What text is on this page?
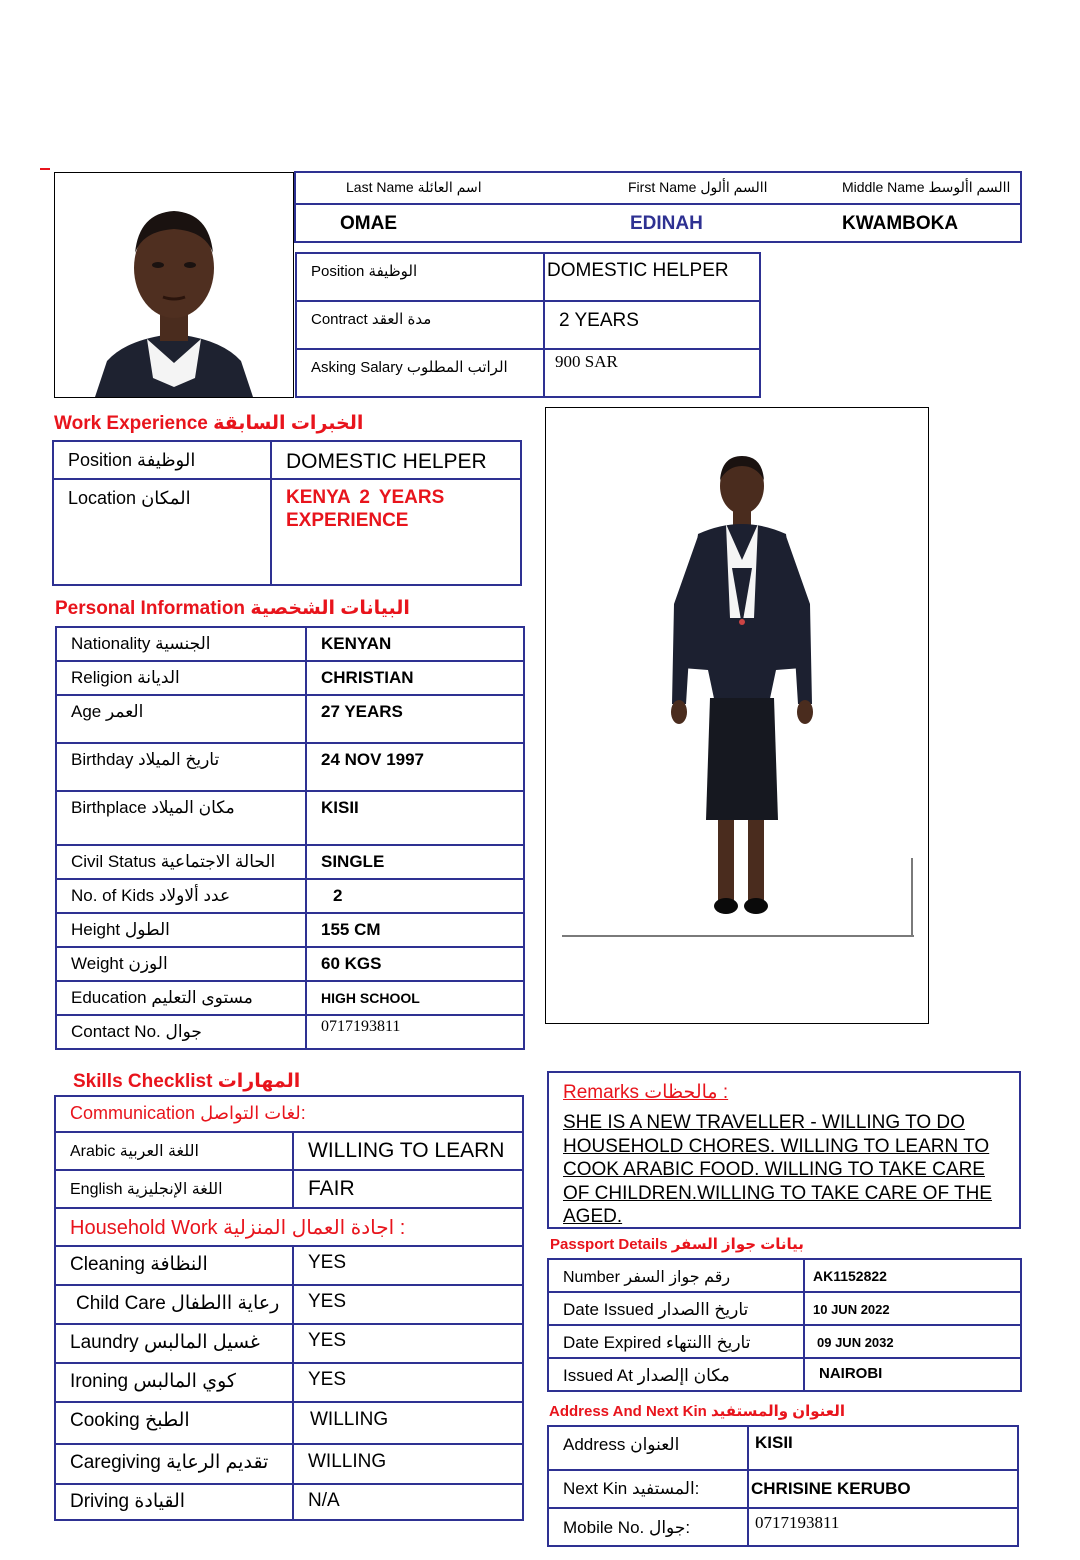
Last Name اسم العائلة	First Name االسم األول	Middle Name االسم األوسط
OMAE	EDINAH	KWAMBOKA
Position الوظيفة	DOMESTIC HELPER
Contract مدة العقد	2 YEARS
Asking Salary الراتب المطلوب	900 SAR
Work Experience الخبرات السابقة
Position الوظيفة	DOMESTIC HELPER
Location المكان	KENYA 2 YEARS EXPERIENCE
Personal Information البيانات الشخصية
Nationality الجنسية	KENYAN
Religion الديانة	CHRISTIAN
Age العمر	27 YEARS
Birthday تاريخ الميلاد	24 NOV 1997
Birthplace مكان الميلاد	KISII
Civil Status الحالة الاجتماعية	SINGLE
No. of Kids عدد ألاولاد	2
Height الطول	155 CM
Weight الوزن	60 KGS
Education مستوى التعليم	HIGH SCHOOL
Contact No. جوال	0717193811
Skills Checklist المهارات
Communication لغات التواصل:	
Arabic اللغة العربية	WILLING TO LEARN
English اللغة الإنجليزية	FAIR
Household Work اجادة العمال المنزلية :	
Cleaning النظافة	YES
Child Care رعاية االطفال	YES
Laundry غسيل المالبس	YES
Ironing كوي المالبس	YES
Cooking الطبخ	WILLING
Caregiving تقديم الرعاية	WILLING
Driving القيادة	N/A
Remarks مالحظات :
SHE IS A NEW TRAVELLER - WILLING TO DO HOUSEHOLD CHORES. WILLING TO LEARN TO COOK ARABIC FOOD. WILLING TO TAKE CARE OF CHILDREN.WILLING TO TAKE CARE OF THE AGED.
Passport Details بيانات جواز السفر
Number رقم جواز السفر	AK1152822
Date Issued تاريخ االصدار	10 JUN 2022
Date Expired تاريخ االنتهاء	09 JUN 2032
Issued At مكان اإلصدار	NAIROBI
Address And Next Kin العنوان والمستفيد
Address العنوان	KISII
Next Kin المستفيد:	CHRISINE KERUBO
Mobile No. جوال:	0717193811
